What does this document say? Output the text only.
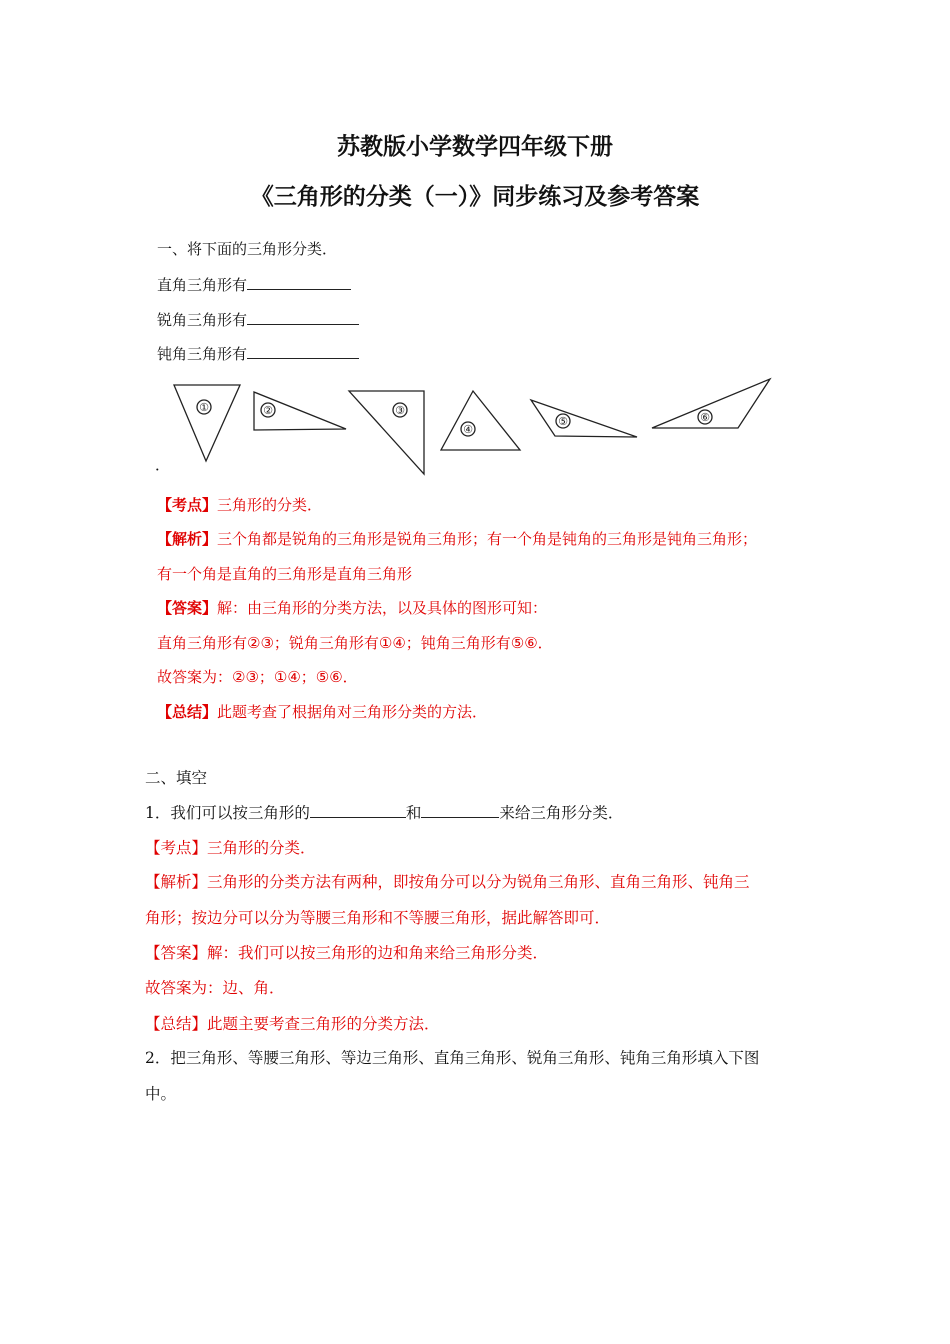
苏教版小学数学四年级下册
《三角形的分类（一）》同步练习及参考答案
一、将下面的三角形分类．
直角三角形有
锐角三角形有
钝角三角形有
①	②	③
④
⑤	⑥
．
【考点】三角形的分类．
【解析】三个角都是锐角的三角形是锐角三角形；有一个角是钝角的三角形是钝角三角形；
有一个角是直角的三角形是直角三角形
【答案】解：由三角形的分类方法，以及具体的图形可知：
直角三角形有②③；锐角三角形有①④；钝角三角形有⑤⑥．
故答案为：②③；①④；⑤⑥．
【总结】此题考查了根据角对三角形分类的方法．
二、填空
1．我们可以按三角形的	和	来给三角形分类．
【考点】三角形的分类．
【解析】三角形的分类方法有两种，即按角分可以分为锐角三角形、直角三角形、钝角三
角形；按边分可以分为等腰三角形和不等腰三角形，据此解答即可．
【答案】解：我们可以按三角形的边和角来给三角形分类．
故答案为：边、角．
【总结】此题主要考查三角形的分类方法．
2．把三角形、等腰三角形、等边三角形、直角三角形、锐角三角形、钝角三角形填入下图
中。
